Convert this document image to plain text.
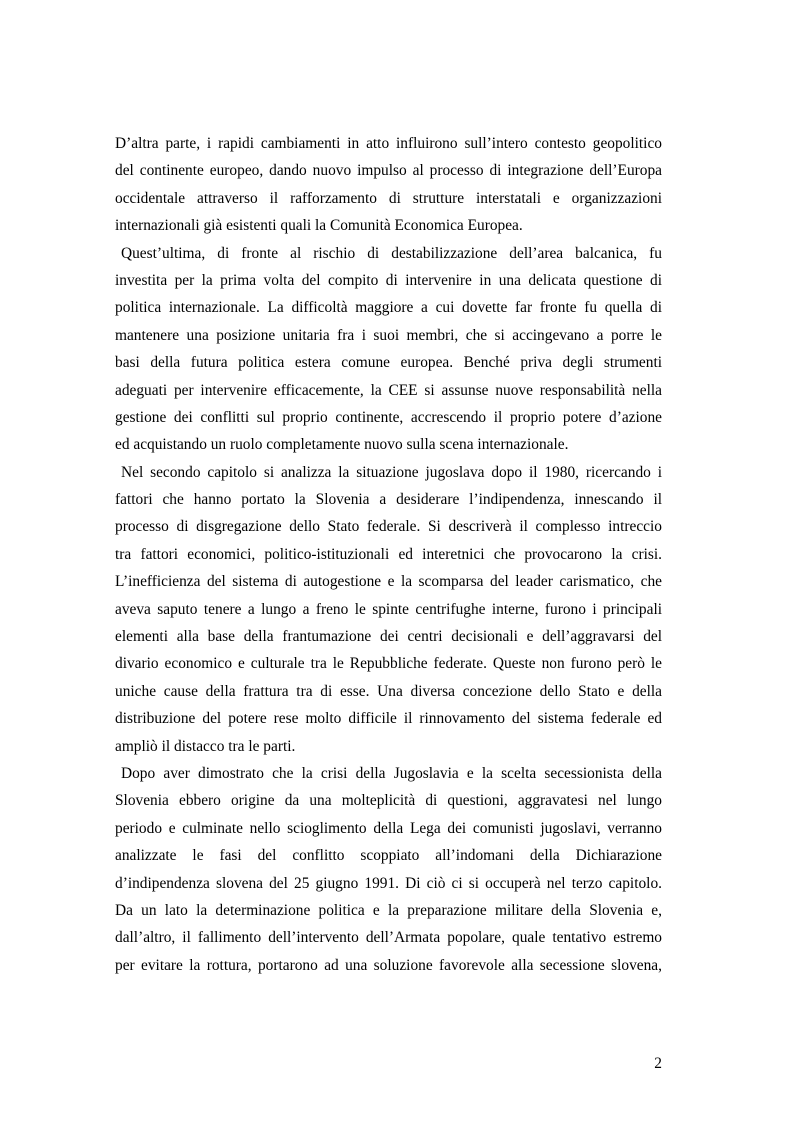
D’altra parte, i rapidi cambiamenti in atto influirono sull’intero contesto geopolitico
del continente europeo, dando nuovo impulso al processo di integrazione dell’Europa
occidentale attraverso il rafforzamento di strutture interstatali e organizzazioni
internazionali già esistenti quali la Comunità Economica Europea.
Quest’ultima, di fronte al rischio di destabilizzazione dell’area balcanica, fu
investita per la prima volta del compito di intervenire in una delicata questione di
politica internazionale. La difficoltà maggiore a cui dovette far fronte fu quella di
mantenere una posizione unitaria fra i suoi membri, che si accingevano a porre le
basi della futura politica estera comune europea. Benché priva degli strumenti
adeguati per intervenire efficacemente, la CEE si assunse nuove responsabilità nella
gestione dei conflitti sul proprio continente, accrescendo il proprio potere d’azione
ed acquistando un ruolo completamente nuovo sulla scena internazionale.
Nel secondo capitolo si analizza la situazione jugoslava dopo il 1980, ricercando i
fattori che hanno portato la Slovenia a desiderare l’indipendenza, innescando il
processo di disgregazione dello Stato federale. Si descriverà il complesso intreccio
tra fattori economici, politico-istituzionali ed interetnici che provocarono la crisi.
L’inefficienza del sistema di autogestione e la scomparsa del leader carismatico, che
aveva saputo tenere a lungo a freno le spinte centrifughe interne, furono i principali
elementi alla base della frantumazione dei centri decisionali e dell’aggravarsi del
divario economico e culturale tra le Repubbliche federate. Queste non furono però le
uniche cause della frattura tra di esse. Una diversa concezione dello Stato e della
distribuzione del potere rese molto difficile il rinnovamento del sistema federale ed
ampliò il distacco tra le parti.
Dopo aver dimostrato che la crisi della Jugoslavia e la scelta secessionista della
Slovenia ebbero origine da una molteplicità di questioni, aggravatesi nel lungo
periodo e culminate nello scioglimento della Lega dei comunisti jugoslavi, verranno
analizzate le fasi del conflitto scoppiato all’indomani della Dichiarazione
d’indipendenza slovena del 25 giugno 1991. Di ciò ci si occuperà nel terzo capitolo.
Da un lato la determinazione politica e la preparazione militare della Slovenia e,
dall’altro, il fallimento dell’intervento dell’Armata popolare, quale tentativo estremo
per evitare la rottura, portarono ad una soluzione favorevole alla secessione slovena,
2
